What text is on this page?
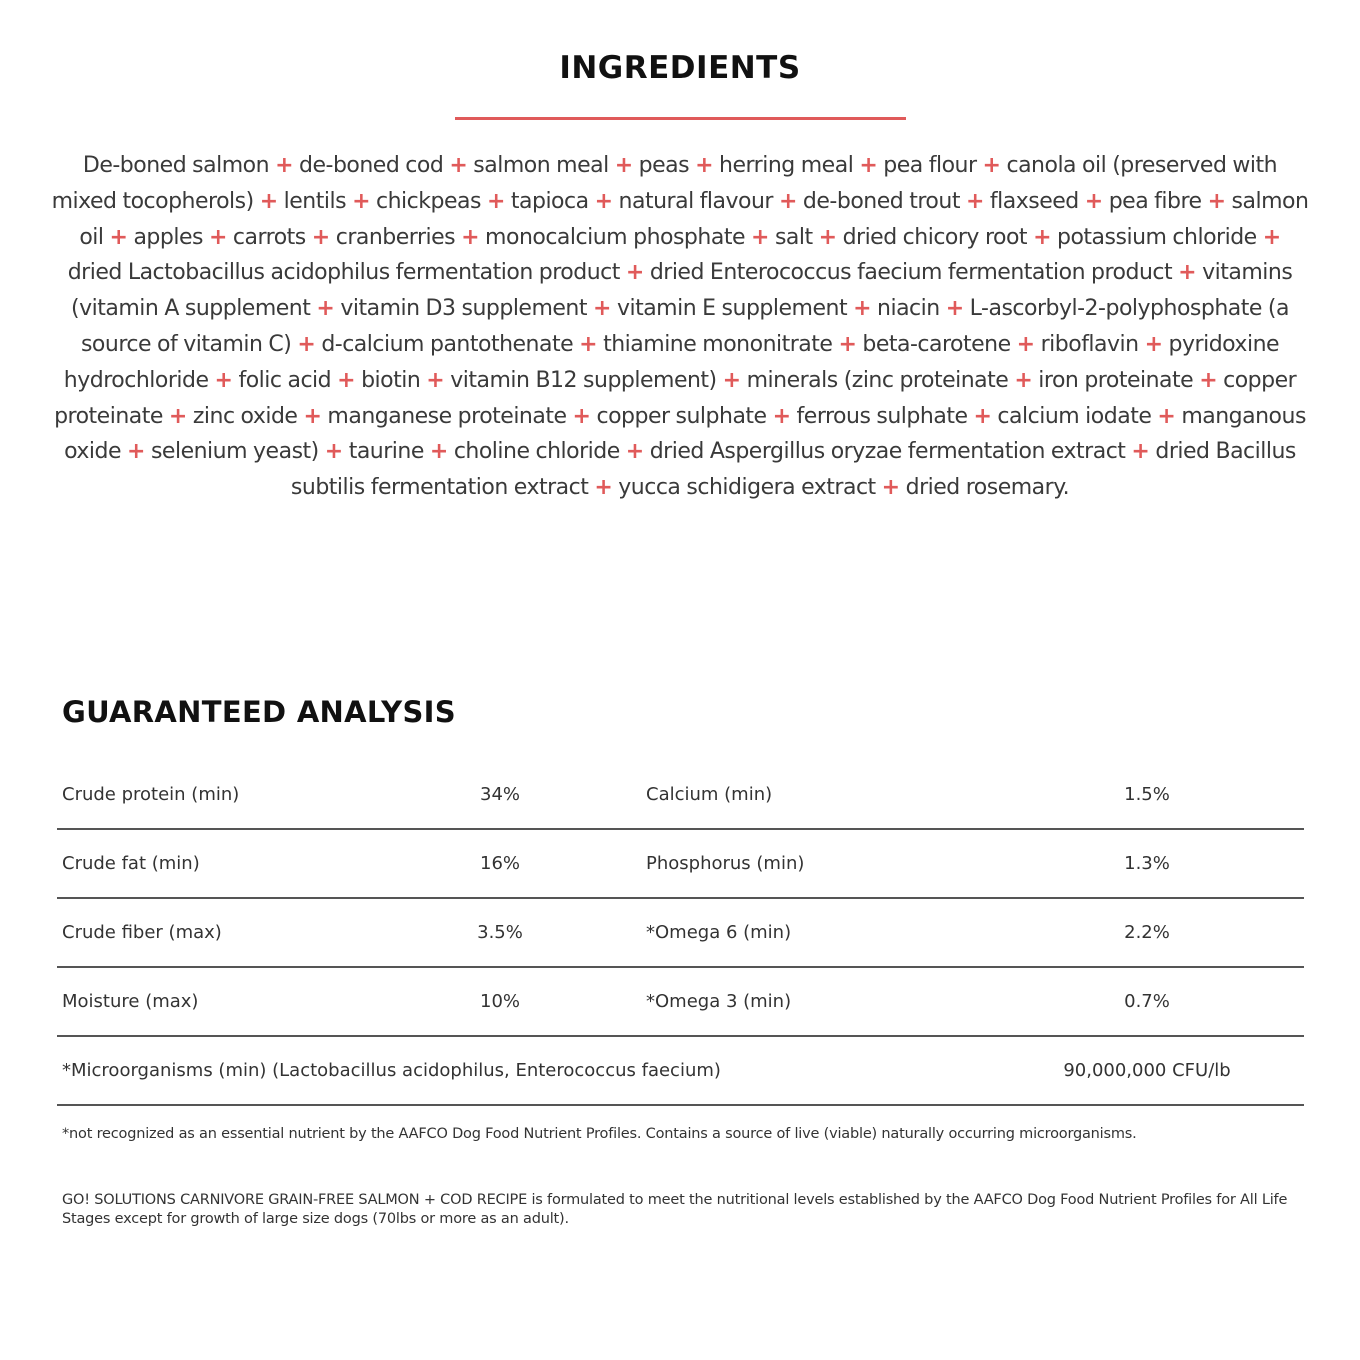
INGREDIENTS

De-boned salmon + de-boned cod + salmon meal + peas + herring meal + pea flour + canola oil (preserved with mixed tocopherols) + lentils + chickpeas + tapioca + natural flavour + de-boned trout + flaxseed + pea fibre + salmon oil + apples + carrots + cranberries + monocalcium phosphate + salt + dried chicory root + potassium chloride + dried Lactobacillus acidophilus fermentation product + dried Enterococcus faecium fermentation product + vitamins (vitamin A supplement + vitamin D3 supplement + vitamin E supplement + niacin + L-ascorbyl-2-polyphosphate (a source of vitamin C) + d-calcium pantothenate + thiamine mononitrate + beta-carotene + riboflavin + pyridoxine hydrochloride + folic acid + biotin + vitamin B12 supplement) + minerals (zinc proteinate + iron proteinate + copper proteinate + zinc oxide + manganese proteinate + copper sulphate + ferrous sulphate + calcium iodate + manganous oxide + selenium yeast) + taurine + choline chloride + dried Aspergillus oryzae fermentation extract + dried Bacillus subtilis fermentation extract + yucca schidigera extract + dried rosemary.

GUARANTEED ANALYSIS
Crude protein (min)	34%	Calcium (min)	1.5%
Crude fat (min)	16%	Phosphorus (min)	1.3%
Crude fiber (max)	3.5%	*Omega 6 (min)	2.2%
Moisture (max)	10%	*Omega 3 (min)	0.7%
*Microorganisms (min) (Lactobacillus acidophilus, Enterococcus faecium)	90,000,000 CFU/lb

*not recognized as an essential nutrient by the AAFCO Dog Food Nutrient Profiles. Contains a source of live (viable) naturally occurring microorganisms.

GO! SOLUTIONS CARNIVORE GRAIN-FREE SALMON + COD RECIPE is formulated to meet the nutritional levels established by the AAFCO Dog Food Nutrient Profiles for All Life Stages except for growth of large size dogs (70lbs or more as an adult).
